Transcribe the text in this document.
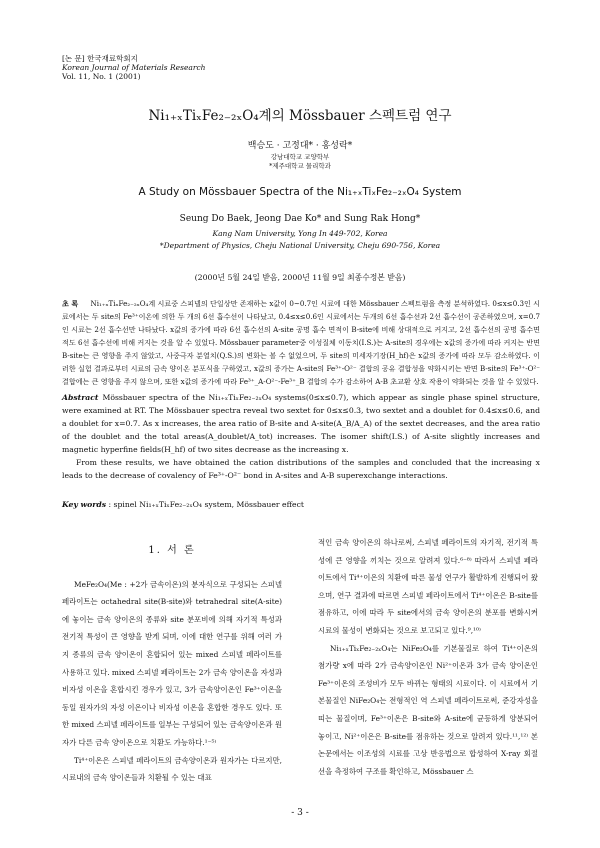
[논 문] 한국재료학회지
Korean Journal of Materials Research
Vol. 11, No. 1 (2001)
Ni₁₊ₓTiₓFe₂₋₂ₓO₄계의 Mössbauer 스펙트럼 연구
백승도 · 고정대* · 홍성락*
강남대학교 교양학부
*제주대학교 물리학과
A Study on Mössbauer Spectra of the Ni₁₊ₓTiₓFe₂₋₂ₓO₄ System
Seung Do Baek, Jeong Dae Ko* and Sung Rak Hong*
Kang Nam University, Yong In 449-702, Korea
*Department of Physics, Cheju National University, Cheju 690-756, Korea
(2000년 5월 24일 받음, 2000년 11월 9일 최종수정본 받음)
초 록 Ni₁₊ₓTiₓFe₂₋₂ₓO₄계 시료중 스피넬의 단일상만 존재하는 x값이 0~0.7인 시료에 대한 Mössbauer 스펙트럼을 측정 분석하였다. 0≤x≤0.3인 시료에서는 두 site의 Fe³⁺이온에 의한 두 개의 6선 흡수선이 나타났고, 0.4≤x≤0.6인 시료에서는 두개의 6선 흡수선과 2선 흡수선이 공존하였으며, x=0.7인 시료는 2선 흡수선만 나타났다. x값의 증가에 따라 6선 흡수선의 A-site 공명 흡수 면적이 B-site에 비해 상대적으로 커지고, 2선 흡수선의 공명 흡수면적도 6선 흡수선에 비해 커지는 것을 알 수 있었다. Mössbauer parameter중 이성질체 이동치(I.S.)는 A-site의 경우에는 x값의 증가에 따라 커지는 반면 B-site는 큰 영향을 주지 않았고, 사중극자 분열치(Q.S.)의 변화는 볼 수 없었으며, 두 site의 미세자기장(H_hf)은 x값의 증가에 따라 모두 감소하였다. 이러한 실험 결과로부터 시료의 금속 양이온 분포식을 구하였고, x값의 증가는 A-site의 Fe³⁺-O²⁻ 결합의 공유 결합성을 약화시키는 반면 B-site의 Fe³⁺-O²⁻ 결합에는 큰 영향을 주지 않으며, 또한 x값의 증가에 따라 Fe³⁺_A-O²⁻-Fe³⁺_B 결합의 수가 감소하여 A-B 초교환 상호 작용이 약화되는 것을 알 수 있었다.

Abstract Mössbauer spectra of the Ni₁₊ₓTiₓFe₂₋₂ₓO₄ systems(0≤x≤0.7), which appear as single phase spinel structure, were examined at RT. The Mössbauer spectra reveal two sextet for 0≤x≤0.3, two sextet and a doublet for 0.4≤x≤0.6, and a doublet for x=0.7. As x increases, the area ratio of B-site and A-site(A_B/A_A) of the sextet decreases, and the area ratio of the doublet and the total areas(A_doublet/A_tot) increases. The isomer shift(I.S.) of A-site slightly increases and magnetic hyperfine fields(H_hf) of two sites decrease as the increasing x.

From these results, we have obtained the cation distributions of the samples and concluded that the increasing x leads to the decrease of covalency of Fe³⁺-O²⁻ bond in A-sites and A-B superexchange interactions.

Key words : spinel Ni₁₊ₓTiₓFe₂₋₂ₓO₄ system, Mössbauer effect
1. 서 론

MeFe₂O₄(Me : +2가 금속이온)의 분자식으로 구성되는 스피넬 페라이트는 octahedral site(B-site)와 tetrahedral site(A-site)에 놓이는 금속 양이온의 종류와 site 분포비에 의해 자기적 특성과 전기적 특성이 큰 영향을 받게 되며, 이에 대한 연구를 위해 여러 가지 종류의 금속 양이온이 혼합되어 있는 mixed 스피넬 페라이트를 사용하고 있다. mixed 스피넬 페라이트는 2가 금속 양이온을 자성과 비자성 이온을 혼합시킨 경우가 있고, 3가 금속양이온인 Fe³⁺이온을 동일 원자가의 자성 이온이나 비자성 이온을 혼합한 경우도 있다. 또한 mixed 스피넬 페라이트를 일부는 구성되어 있는 금속양이온과 원자가 다른 금속 양이온으로 치환도 가능하다.¹⁻⁵⁾

Ti⁴⁺이온은 스피넬 페라이트의 금속양이온과 원자가는 다르지만, 시료내의 금속 양이온들과 치환될 수 있는 대표

적인 금속 양이온의 하나로써, 스피넬 페라이트의 자기적, 전기적 특성에 큰 영향을 끼치는 것으로 알려져 있다.⁶⁻⁸⁾ 따라서 스피넬 페라이트에서 Ti⁴⁺이온의 치환에 따른 물성 연구가 활발하게 진행되어 왔으며, 연구 결과에 따르면 스피넬 페라이트에서 Ti⁴⁺이온은 B-site를 점유하고, 이에 따라 두 site에서의 금속 양이온의 분포를 변화시켜 시료의 물성이 변화되는 것으로 보고되고 있다.⁹,¹⁰⁾

Ni₁₊ₓTiₓFe₂₋₂ₓO₄는 NiFe₂O₄를 기본물질로 하여 Ti⁴⁺이온의 첨가량 x에 따라 2가 금속양이온인 Ni²⁺이온과 3가 금속 양이온인 Fe³⁺이온의 조성비가 모두 바뀌는 형태의 시료이다. 이 시료에서 기본물질인 NiFe₂O₄는 전형적인 역 스피넬 페라이트로써, 준강자성을 띠는 물질이며, Fe³⁺이온은 B-site와 A-site에 균등하게 양분되어 놓이고, Ni²⁺이온은 B-site를 점유하는 것으로 알려져 있다.¹¹,¹²⁾ 본 논문에서는 이조성의 시료를 고상 반응법으로 합성하여 X-ray 회절선을 측정하여 구조를 확인하고, Mössbauer 스

- 3 -
